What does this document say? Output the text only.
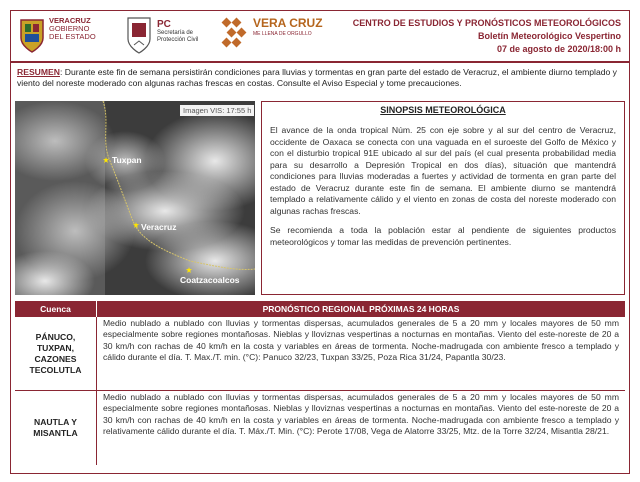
VERACRUZ
GOBIERNO
DEL ESTADO
PC
Secretaría de
Protección Civil
VERA CRUZ
ME LLENA DE ORGULLO
CENTRO DE ESTUDIOS Y PRONÓSTICOS METEOROLÓGICOS
Boletín Meteorológico Vespertino
07 de agosto de 2020/18:00 h
RESUMEN: Durante este fin de semana persistirán condiciones para lluvias y tormentas en gran parte del estado de Veracruz, el ambiente diurno templado y viento del noreste moderado con algunas rachas frescas en costas. Consulte el Aviso Especial y tome precauciones.
Imagen VIS: 17:55 h
Tuxpan
Veracruz
Coatzacoalcos
SINOPSIS METEOROLÓGICA
El avance de la onda tropical Núm. 25 con eje sobre y al sur del centro de Veracruz, occidente de Oaxaca se conecta con una vaguada en el suroeste del Golfo de México y con el disturbio tropical 91E ubicado al sur del país (el cual presenta probabilidad media para su desarrollo a Depresión Tropical en dos días), situación que mantendrá condiciones para lluvias moderadas a fuertes y actividad de tormenta en gran parte del estado de Veracruz durante este fin de semana. El ambiente diurno se mantendrá templado a relativamente cálido y el viento en zonas de costa del noreste moderado con algunas rachas frescas.
Se recomienda a toda la población estar al pendiente de siguientes productos meteorológicos y tomar las medidas de prevención pertinentes.
Cuenca	PRONÓSTICO REGIONAL PRÓXIMAS 24 HORAS
PÁNUCO,
TUXPAN,
CAZONES
TECOLUTLA
Medio nublado a nublado con lluvias y tormentas dispersas, acumulados generales de 5 a 20 mm y locales mayores de 50 mm especialmente sobre regiones montañosas. Nieblas y lloviznas vespertinas a nocturnas en montañas. Viento del este-noreste de 20 a 30 km/h con rachas de 40 km/h en la costa y variables en áreas de tormenta. Noche-madrugada con ambiente fresco a templado y cálido durante el día. T. Max./T. min. (°C): Panuco 32/23, Tuxpan 33/25, Poza Rica 31/24, Papantla 30/23.
NAUTLA Y
MISANTLA
Medio nublado a nublado con lluvias y tormentas dispersas, acumulados generales de 5 a 20 mm y locales mayores de 50 mm especialmente sobre regiones montañosas. Nieblas y lloviznas vespertinas a nocturnas en montañas. Viento del este-noreste de 20 a 30 km/h con rachas de 40 km/h en la costa y variables en áreas de tormenta. Noche-madrugada con ambiente fresco a templado y relativamente cálido durante el día. T. Máx./T. Min. (°C): Perote 17/08, Vega de Alatorre 33/25, Mtz. de la Torre 32/24, Misantla 28/21.
